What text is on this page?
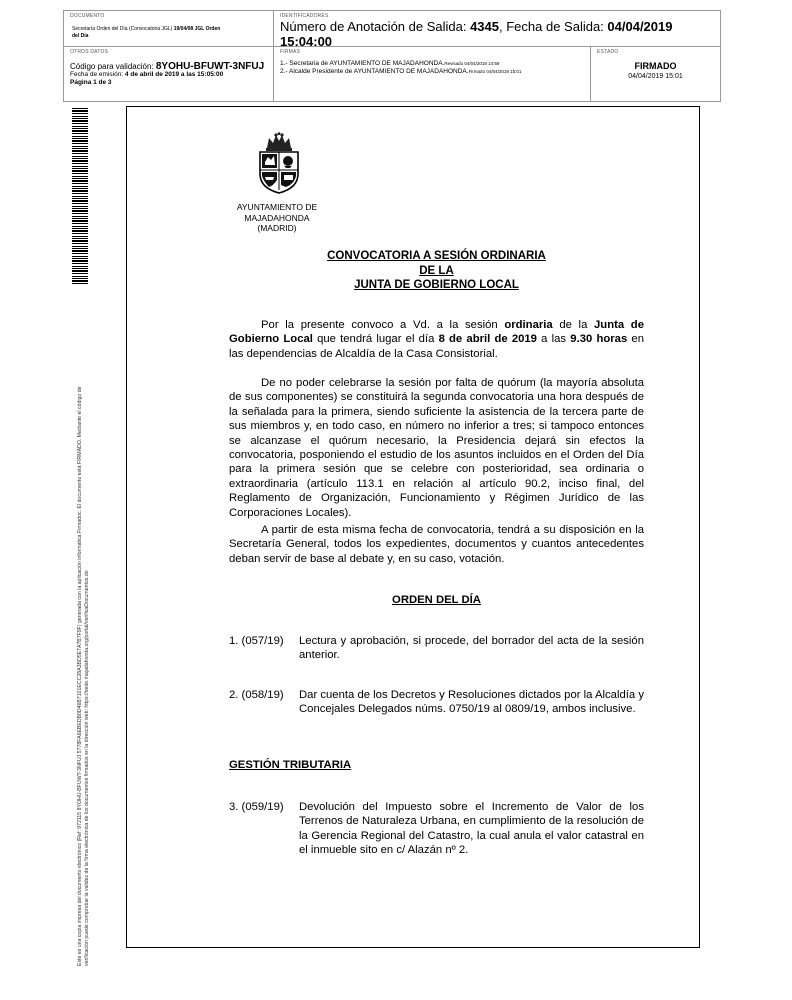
DOCUMENTO
Secretaría Orden del Día (Convocatoria JGL) 19/04/08 JGL Orden del Día
IDENTIFICADORES
Número de Anotación de Salida: 4345, Fecha de Salida: 04/04/2019 15:04:00
OTROS DATOS
Código para validación: 8YOHU-BFUWT-3NFUJ
Fecha de emisión: 4 de abril de 2019 a las 15:05:00
Página 1 de 3
FIRMAS
1.- Secretaria de AYUNTAMIENTO DE MAJADAHONDA.Revisado 04/04/2019 14:59
2.- Alcalde Presidente de AYUNTAMIENTO DE MAJADAHONDA.Firmado 04/04/2019 15:01
ESTADO
FIRMADO
04/04/2019 15:01
Este es una copia impresa del documento electrónico (Ref: 972115 8YOHU-BFUWT-3NFUJ 5778FA6EBEDB0D46B7101ECC28A3BD5E7A7B7F9F) generada con la aplicación informática Firmadoc. El documento está FIRMADO. Mediante el código de verificación puede comprobar la validez de la firma electrónica de los documentos firmados en la dirección web: https://sede.majadahonda.org/portal/verificaDocumentos.do
AYUNTAMIENTO DE
MAJADAHONDA
(MADRID)
CONVOCATORIA A SESIÓN ORDINARIA
DE LA
JUNTA DE GOBIERNO LOCAL
Por la presente convoco a Vd. a la sesión ordinaria de la Junta de Gobierno Local que tendrá lugar el día 8 de abril de 2019 a las 9.30 horas en las dependencias de Alcaldía de la Casa Consistorial.
De no poder celebrarse la sesión por falta de quórum (la mayoría absoluta de sus componentes) se constituirá la segunda convocatoria una hora después de la señalada para la primera, siendo suficiente la asistencia de la tercera parte de sus miembros y, en todo caso, en número no inferior a tres; si tampoco entonces se alcanzase el quórum necesario, la Presidencia dejará sin efectos la convocatoria, posponiendo el estudio de los asuntos incluidos en el Orden del Día para la primera sesión que se celebre con posterioridad, sea ordinaria o extraordinaria (artículo 113.1 en relación al artículo 90.2, inciso final, del Reglamento de Organización, Funcionamiento y Régimen Jurídico de las Corporaciones Locales).
A partir de esta misma fecha de convocatoria, tendrá a su disposición en la Secretaría General, todos los expedientes, documentos y cuantos antecedentes deban servir de base al debate y, en su caso, votación.
ORDEN DEL DÍA
1. (057/19)	Lectura y aprobación, si procede, del borrador del acta de la sesión anterior.
2. (058/19)	Dar cuenta de los Decretos y Resoluciones dictados por la Alcaldía y Concejales Delegados núms. 0750/19 al 0809/19, ambos inclusive.
GESTIÓN TRIBUTARIA
3. (059/19)	Devolución del Impuesto sobre el Incremento de Valor de los Terrenos de Naturaleza Urbana, en cumplimiento de la resolución de la Gerencia Regional del Catastro, la cual anula el valor catastral en el inmueble sito en c/ Alazán nº 2.
